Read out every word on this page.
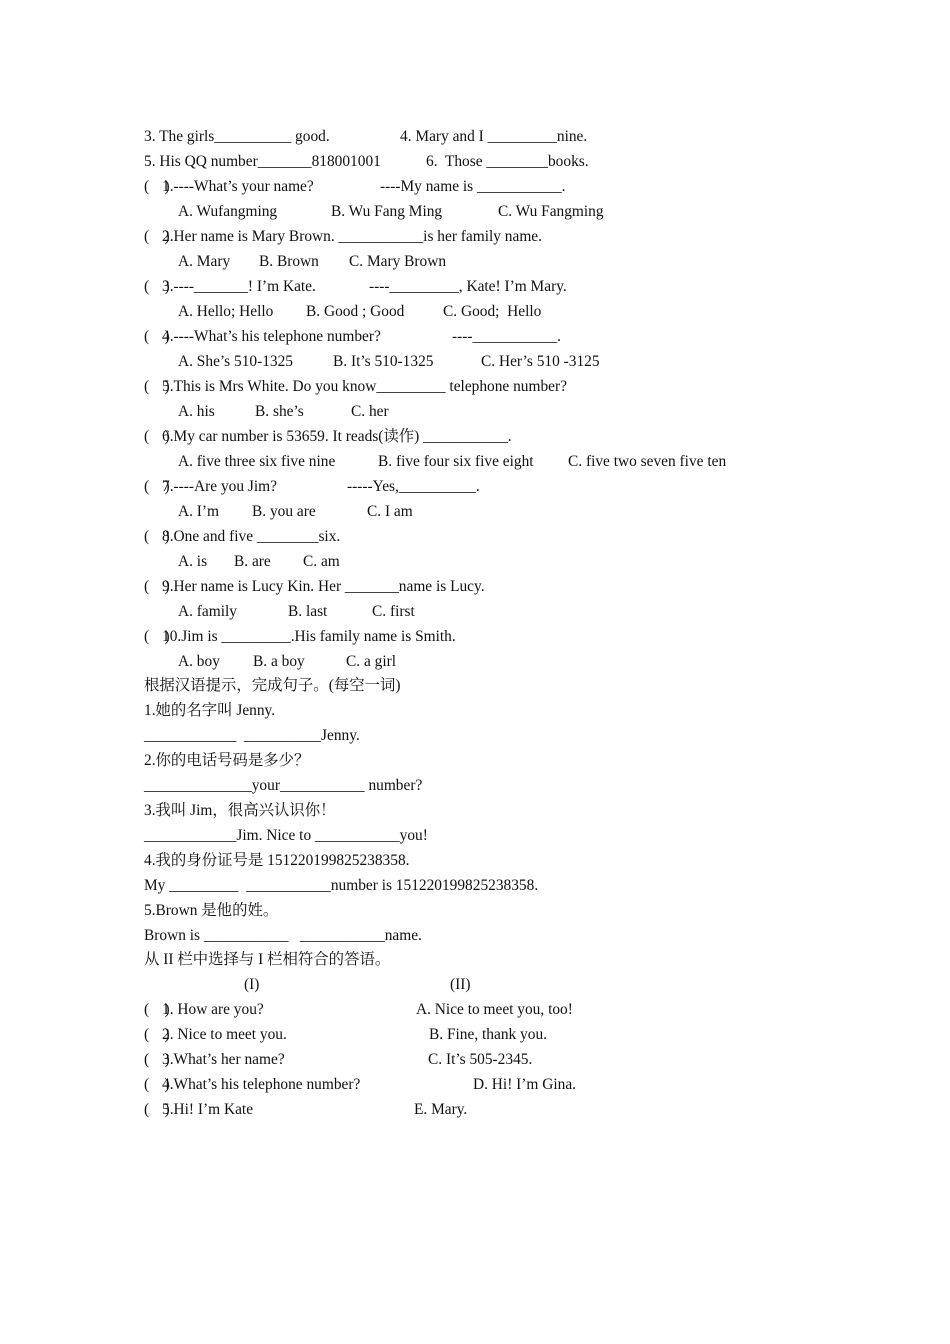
3. The girls__________ good.	4. Mary and I _________nine.
5. His QQ number_______818001001	6.  Those ________books.
(    )
1.----What’s your name?	----My name is ___________.
A. Wufangming	B. Wu Fang Ming	C. Wu Fangming
(    )
2.Her name is Mary Brown. ___________is her family name.
A. Mary B. Brown C. Mary Brown
(    )
3.----_______! I’m Kate.	----_________, Kate! I’m Mary.
A. Hello; Hello B. Good ; Good	C. Good;  Hello
(    )
4.----What’s his telephone number?	----___________.
A. She’s 510-1325	B. It’s 510-1325	C. Her’s 510 -3125
(    )
5.This is Mrs White. Do you know_________ telephone number?
A. his	B. she’s	C. her
(    )
6.My car number is 53659. It reads(读作) ___________.
A. five three six five nine	B. five four six five eight C. five two seven five ten
(    )
7.----Are you Jim?	-----Yes,__________.
A. I’m B. you are	C. I am
(    )
8.One and five ________six.
A. is B. are C. am
(    )
9.Her name is Lucy Kin. Her _______name is Lucy.
A. family	B. last	C. first
(    )
10.Jim is _________.His family name is Smith.
A. boy B. a boy	C. a girl
根据汉语提示，完成句子。(每空一词)
1.她的名字叫 Jenny.
____________  __________Jenny.
2.你的电话号码是多少？
______________your___________ number?
3.我叫 Jim，很高兴认识你！
____________Jim. Nice to ___________you!
4.我的身份证号是 151220199825238358.
My _________  ___________number is 151220199825238358.
5.Brown 是他的姓。
Brown is ___________   ___________name.
从 II 栏中选择与 I 栏相符合的答语。
(I)	(II)
(    )
1. How are you?	A. Nice to meet you, too!
(    )
2. Nice to meet you.	B. Fine, thank you.
(    )
3.What’s her name?	C. It’s 505-2345.
(    )
4.What’s his telephone number?	D. Hi! I’m Gina.
(    )
5.Hi! I’m Kate	E. Mary.
